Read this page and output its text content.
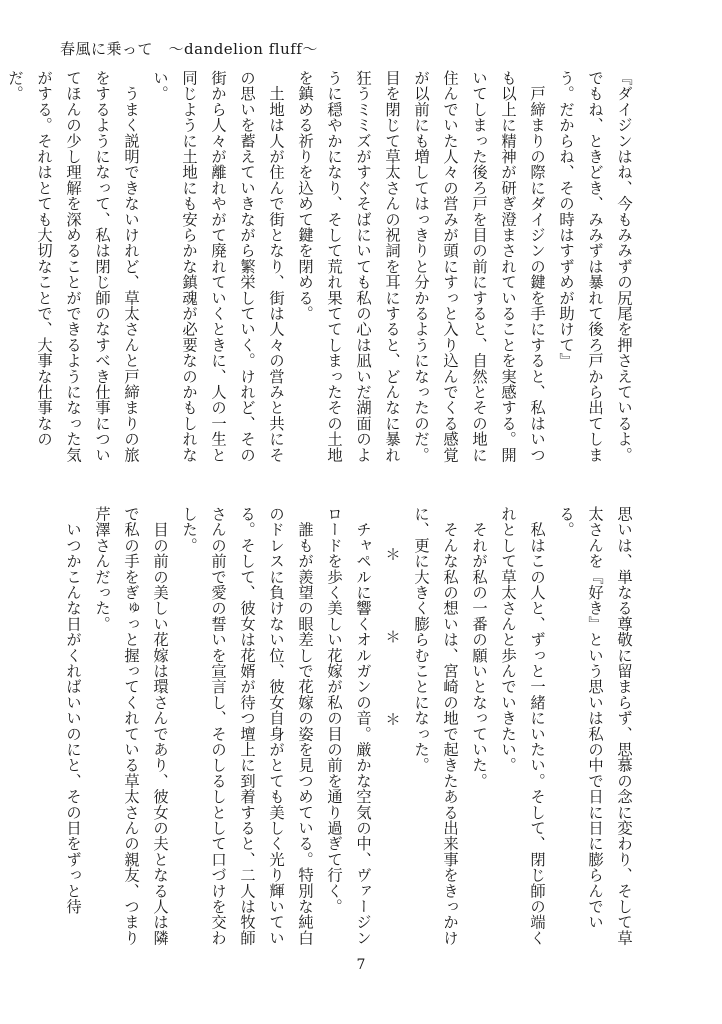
春風に乗って　～dandelion fluff～

『ダイジンはね、今もみみずの尻尾を押さえているよ。でもね、ときどき、みみずは暴れて後ろ戸から出てしまう。だからね、その時はすずめが助けて』

　戸締まりの際にダイジンの鍵を手にすると、私はいつも以上に精神が研ぎ澄まされていることを実感する。開いてしまった後ろ戸を目の前にすると、自然とその地に住んでいた人々の営みが頭にすっと入り込んでくる感覚が以前にも増してはっきりと分かるようになったのだ。目を閉じて草太さんの祝詞を耳にすると、どんなに暴れ狂うミミズがすぐそばにいても私の心は凪いだ湖面のように穏やかになり、そして荒れ果ててしまったその土地を鎮める祈りを込めて鍵を閉める。

　土地は人が住んで街となり、街は人々の営みと共にその思いを蓄えていきながら繁栄していく。けれど、その街から人々が離れやがて廃れていくときに、人の一生と同じように土地にも安らかな鎮魂が必要なのかもしれない。

　うまく説明できないけれど、草太さんと戸締まりの旅をするようになって、私は閉じ師のなすべき仕事についてほんの少し理解を深めることができるようになった気がする。それはとても大切なことで、大事な仕事なのだ。

思いは、単なる尊敬に留まらず、思慕の念に変わり、そして草太さんを『好き』という思いは私の中で日に日に膨らんでいる。

　私はこの人と、ずっと一緒にいたい。そして、閉じ師の端くれとして草太さんと歩んでいきたい。

　それが私の一番の願いとなっていた。

　そんな私の想いは、宮崎の地で起きたある出来事をきっかけに、更に大きく膨らむことになった。

＊　＊　＊

　チャペルに響くオルガンの音。厳かな空気の中、ヴァージンロードを歩く美しい花嫁が私の目の前を通り過ぎて行く。

　誰もが羨望の眼差しで花嫁の姿を見つめている。特別な純白のドレスに負けない位、彼女自身がとても美しく光り輝いている。そして、彼女は花婿が待つ壇上に到着すると、二人は牧師さんの前で愛の誓いを宣言し、そのしるしとして口づけを交わした。

　目の前の美しい花嫁は環さんであり、彼女の夫となる人は隣で私の手をぎゅっと握ってくれている草太さんの親友、つまり芹澤さんだった。

　いつかこんな日がくればいいのにと、その日をずっと待

7
